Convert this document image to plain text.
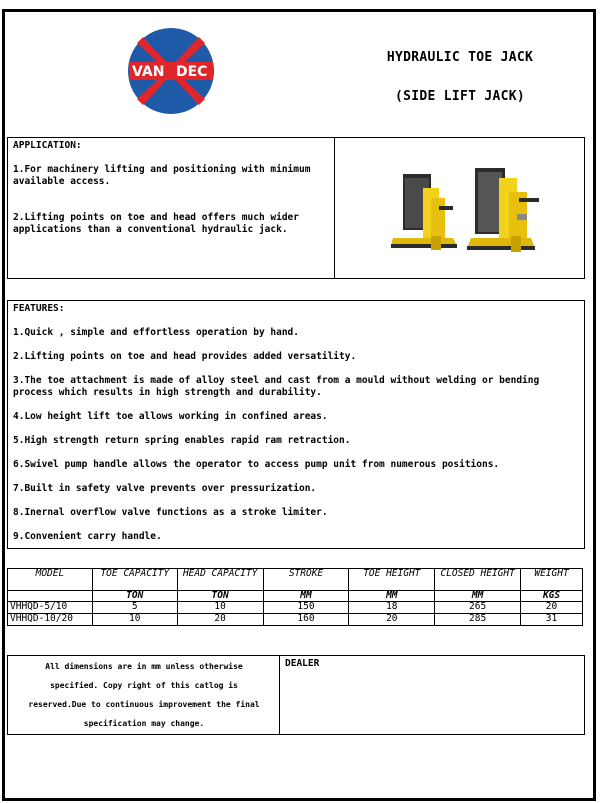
VAN DEC
HYDRAULIC TOE JACK
(SIDE LIFT JACK)
APPLICATION:
1.For machinery lifting and positioning with minimum available access.
2.Lifting points on toe and head offers much wider applications than a conventional hydraulic jack.
FEATURES:
1.Quick , simple and effortless operation by hand.
2.Lifting points on toe and head provides added versatility.
3.The toe attachment is made of alloy steel and cast from a mould without welding or bending process which results in high strength and durability.
4.Low height lift toe allows working in confined areas.
5.High strength return spring enables rapid ram retraction.
6.Swivel pump handle allows the operator to access pump unit from numerous positions.
7.Built in safety valve prevents over pressurization.
8.Inernal overflow valve functions as a stroke limiter.
9.Convenient carry handle.
MODEL	TOE CAPACITY	HEAD CAPACITY	STROKE	TOE HEIGHT	CLOSED HEIGHT	WEIGHT
	TON	TON	MM	MM	MM	KGS
VHHQD-5/10	5	10	150	18	265	20
VHHQD-10/20	10	20	160	20	285	31
All dimensions are in mm unless otherwise
specified. Copy right of this catlog is
reserved.Due to continuous improvement the final
specification may change.
DEALER
